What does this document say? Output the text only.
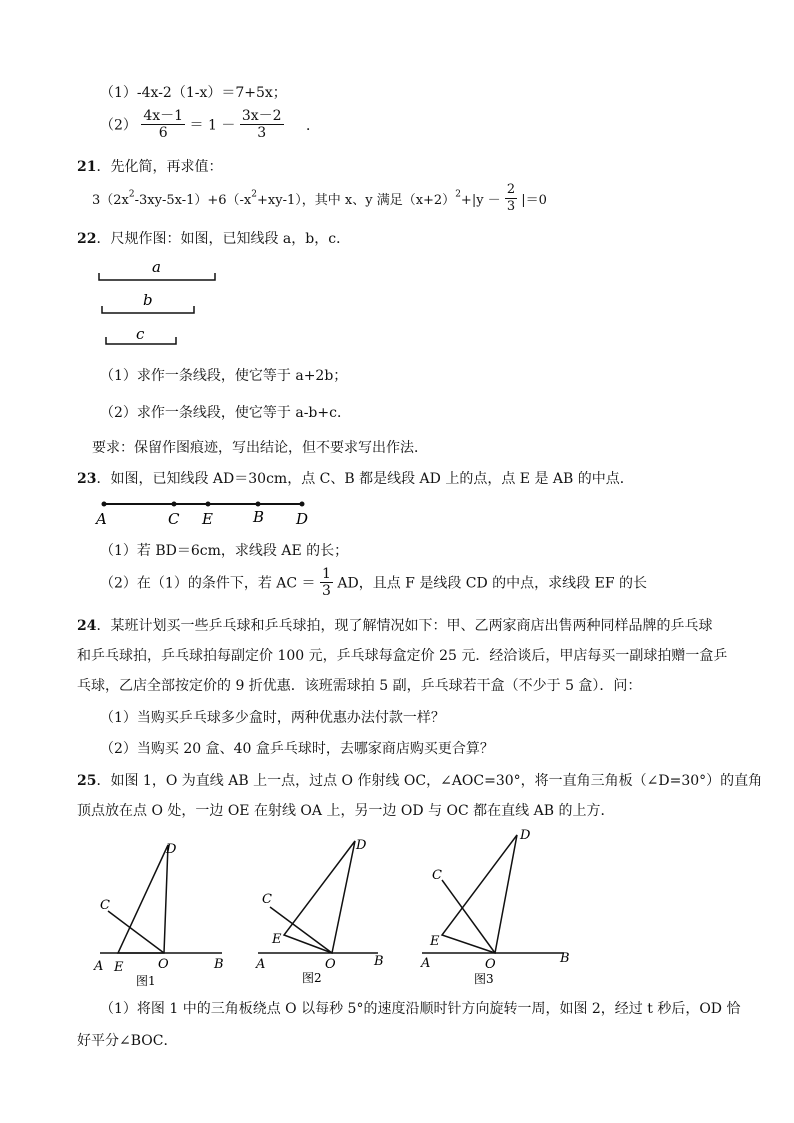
（1）-4x-2（1-x）＝7+5x；
$(2) \frac{4x-1}{6} = 1 - \frac{3x-2}{3}$ ．
21．先化简，再求值：
$3(2x^2-3xy-5x-1)+6(-x^2+xy-1)$，其中 x、y 满足$(x+2)^2+|y - \frac{2}{3} |=0$
22．尺规作图：如图，已知线段 a，b，c．
a
b
c
（1）求作一条线段，使它等于 a+2b；
（2）求作一条线段，使它等于 a-b+c．
要求：保留作图痕迹，写出结论，但不要求写出作法．
23．如图，已知线段 AD＝30cm，点 C、B 都是线段 AD 上的点，点 E 是 AB 的中点．
A	C E	B D
（1）若 BD＝6cm，求线段 AE 的长；
（2）在（1）的条件下，若 AC ＝ $\frac{1}{3}$ AD，且点 F 是线段 CD 的中点，求线段 EF 的长
24．某班计划买一些乒乓球和乒乓球拍，现了解情况如下：甲、乙两家商店出售两种同样品牌的乒乓球
和乒乓球拍，乒乓球拍每副定价 100 元，乒乓球每盒定价 25 元．经洽谈后，甲店每买一副球拍赠一盒乒
乓球，乙店全部按定价的 9 折优惠．该班需球拍 5 副，乒乓球若干盒（不少于 5 盒）．问：
（1）当购买乒乓球多少盒时，两种优惠办法付款一样？
（2）当购买 20 盒、40 盒乒乓球时，去哪家商店购买更合算？
25．如图 1，O 为直线 AB 上一点，过点 O 作射线 OC，∠AOC=30°，将一直角三角板（∠D=30°）的直角
顶点放在点 O 处，一边 OE 在射线 OA 上，另一边 OD 与 OC 都在直线 AB 的上方．
A E	O	B
C
D
图1
A
E
O	B
C
D
图2
A
E
O	B
C
D
图3
（1）将图 1 中的三角板绕点 O 以每秒 5°的速度沿顺时针方向旋转一周，如图 2，经过 t 秒后，OD 恰
好平分∠BOC．
